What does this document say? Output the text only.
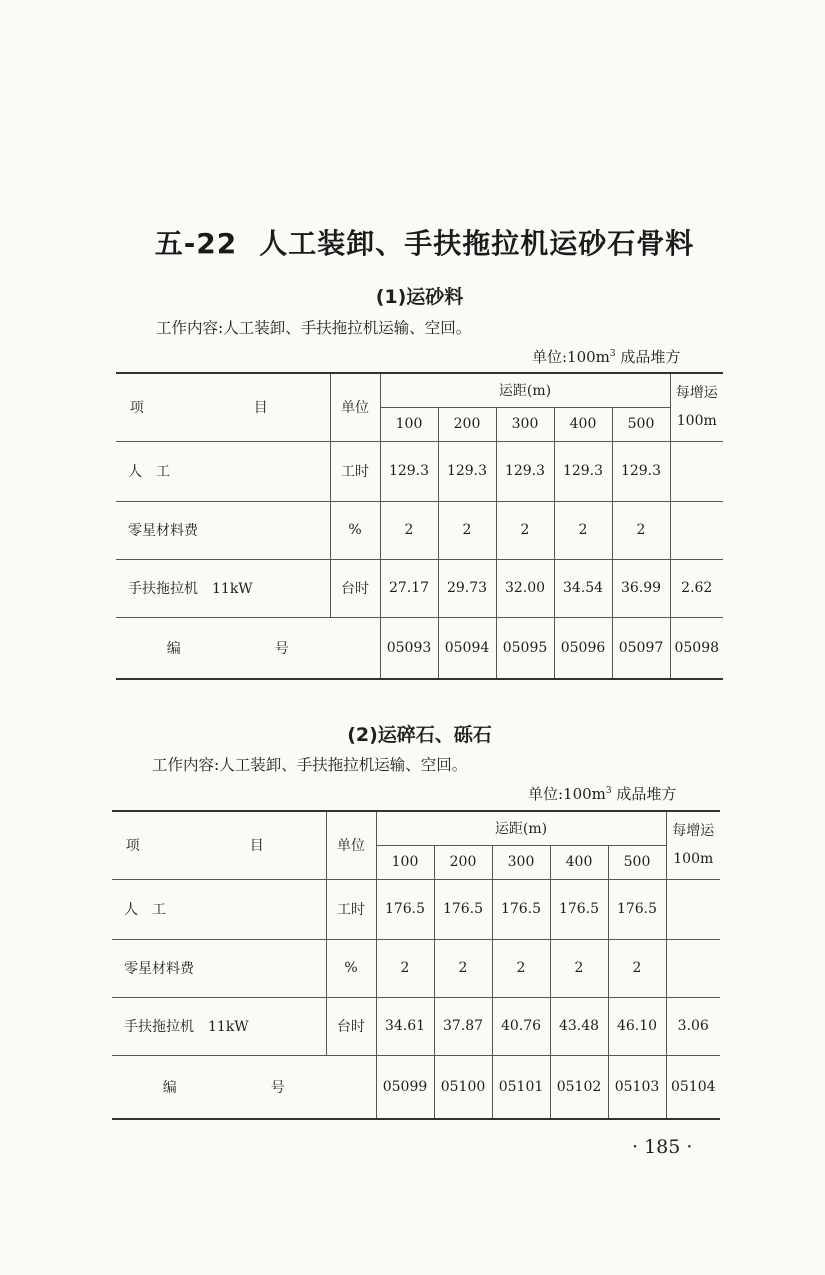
五-22 人工装卸、手扶拖拉机运砂石骨料
(1)运砂料
工作内容:人工装卸、手扶拖拉机运输、空回。
单位$:100m^3$ 成品堆方
项　目	单位	运距(m)					每增运
100m
		100	200	300	400	500	
人　工	工时	129.3	129.3	129.3	129.3	129.3	
零星材料费	%	2	2	2	2	2	
手扶拖拉机　11kW	台时	27.17	29.73	32.00	34.54	36.99	2.62
编　号		05093	05094	05095	05096	05097	05098
(2)运碎石、砾石
工作内容:人工装卸、手扶拖拉机运输、空回。
单位$:100m^3$ 成品堆方
项　目	单位	运距(m)					每增运
100m
		100	200	300	400	500	
人　工	工时	176.5	176.5	176.5	176.5	176.5	
零星材料费	%	2	2	2	2	2	
手扶拖拉机　11kW	台时	34.61	37.87	40.76	43.48	46.10	3.06
编　号		05099	05100	05101	05102	05103	05104
· 185 ·
